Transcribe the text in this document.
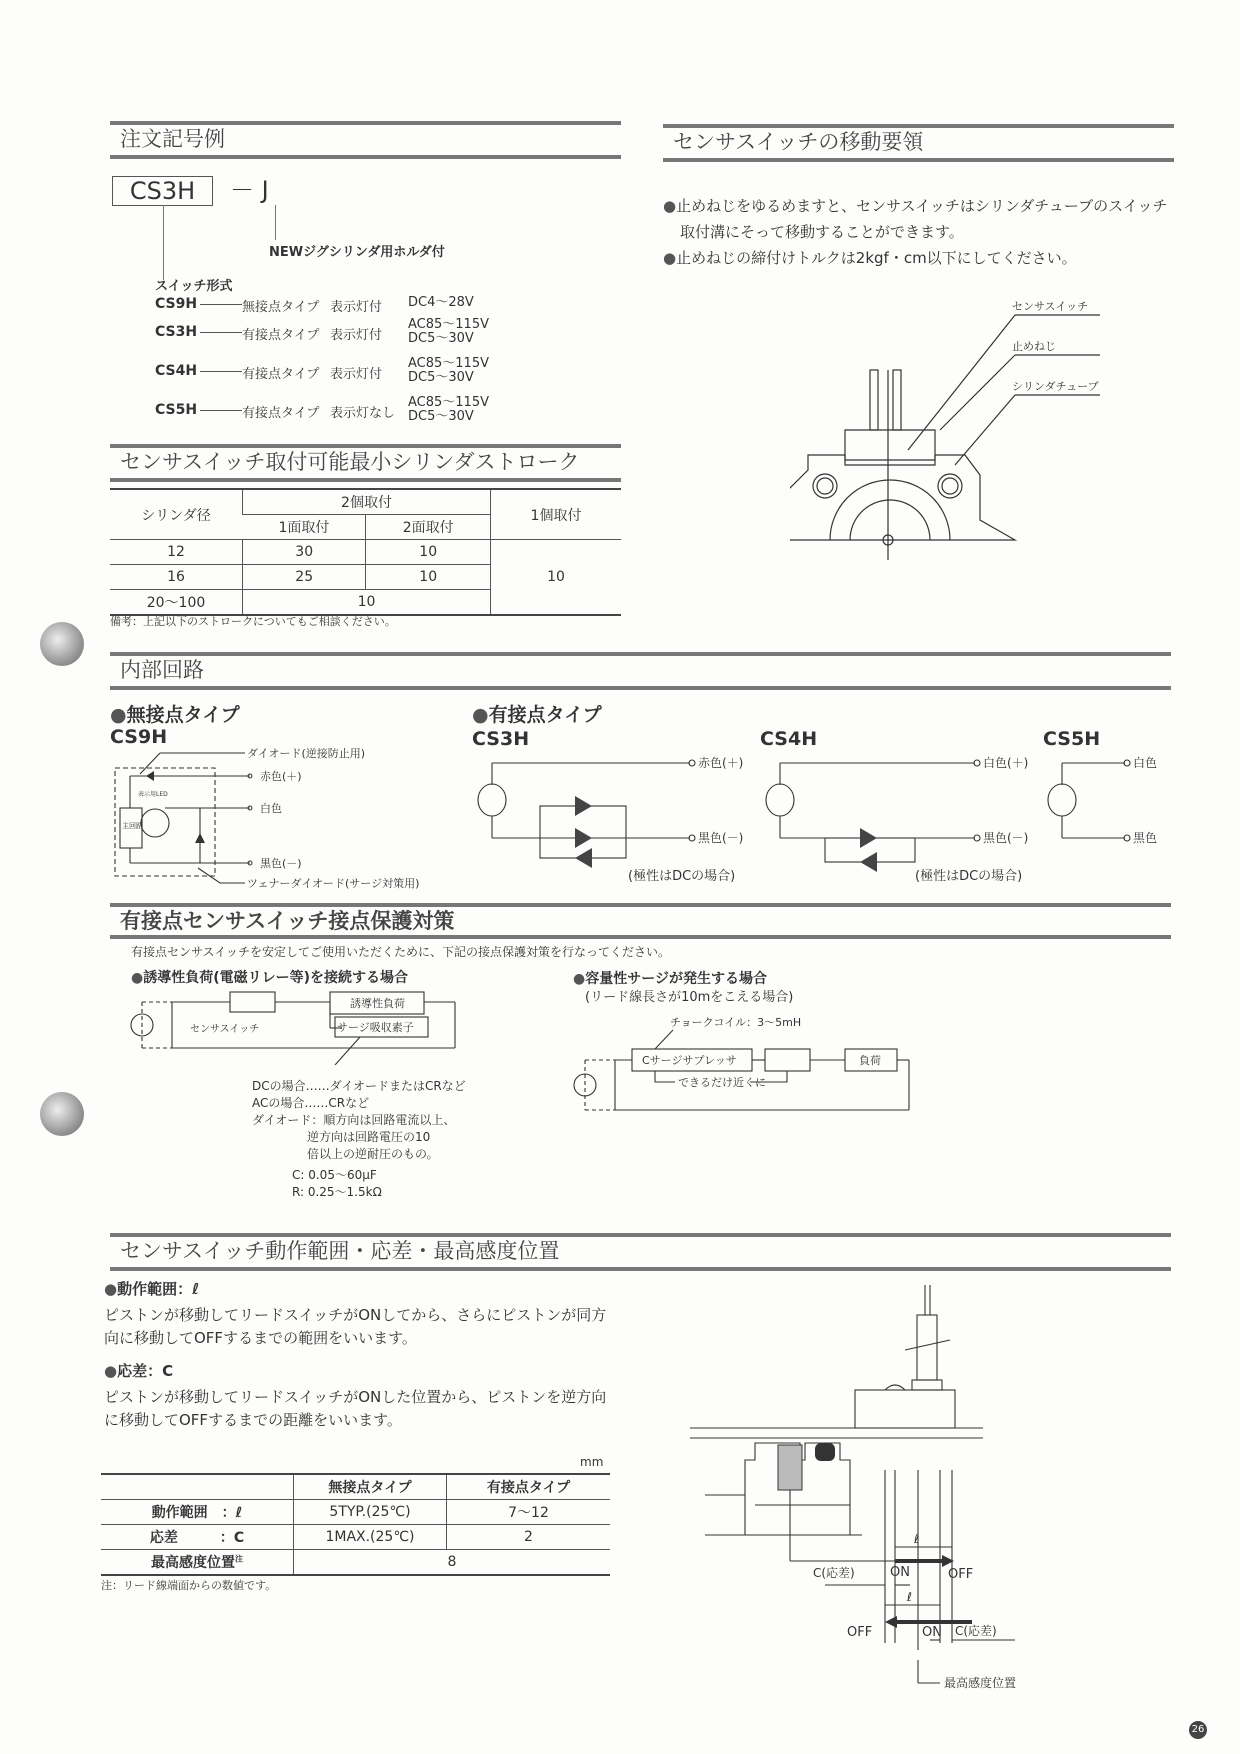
注文記号例
CS3H	－ J
NEWジグシリンダ用ホルダ付
スイッチ形式
CS9H	無接点タイプ 表示灯付 DC4～28V

CS3H	有接点タイプ 表示灯付
AC85～115V
DC5～30V
CS4H	有接点タイプ 表示灯付
AC85～115V
DC5～30V
CS5H	有接点タイプ 表示灯なし
AC85～115V
DC5～30V
センサスイッチの移動要領
●止めねじをゆるめますと、センサスイッチはシリンダチューブのスイッチ
取付溝にそって移動することができます。
●止めねじの締付けトルクは2kgf・cm以下にしてください。
センサスイッチ
止めねじ
シリンダチューブ
センサスイッチ取付可能最小シリンダストローク
シリンダ径	2個取付		1個取付
	1面取付	2面取付	
12	30	10	10
16	25	10	
20～100	10		
備考：上記以下のストロークについてもご相談ください。
内部回路
●無接点タイプ
CS9H
ダイオード(逆接防止用)
赤色(＋)
白色
黒色(－)
ツェナーダイオード(サージ対策用)
表示用LED
主回路
●有接点タイプ
CS3H	CS4H	CS5H
赤色(＋)
黒色(－)
(極性はDCの場合)
白色(＋)
黒色(－)
(極性はDCの場合)
白色
黒色
有接点センサスイッチ接点保護対策
有接点センサスイッチを安定してご使用いただくために、下記の接点保護対策を行なってください。
●誘導性負荷(電磁リレー等)を接続する場合
センサスイッチ
誘導性負荷
サージ吸収素子
DCの場合……ダイオードまたはCRなど
ACの場合……CRなど
ダイオード：順方向は回路電流以上、
逆方向は回路電圧の10
倍以上の逆耐圧のもの。
C: 0.05～60μF
R: 0.25～1.5kΩ
●容量性サージが発生する場合
(リード線長さが10mをこえる場合)
チョークコイル：3～5mH
Cサージサプレッサ
できるだけ近くに
負荷
センサスイッチ動作範囲・応差・最高感度位置
●動作範囲：ℓ
ピストンが移動してリードスイッチがONしてから、さらにピストンが同方
向に移動してOFFするまでの範囲をいいます。
●応差：C
ピストンが移動してリードスイッチがONした位置から、ピストンを逆方向
に移動してOFFするまでの距離をいいます。
mm
	無接点タイプ	有接点タイプ
動作範囲　：ℓ	5TYP.(25℃)	7～12
応差　　　：C	1MAX.(25℃)	2
最高感度位置$^注$	8	
注：リード線端面からの数値です。
ℓ
ℓ
ON	OFF
C(応差)
OFF	ON C(応差)
最高感度位置
26
